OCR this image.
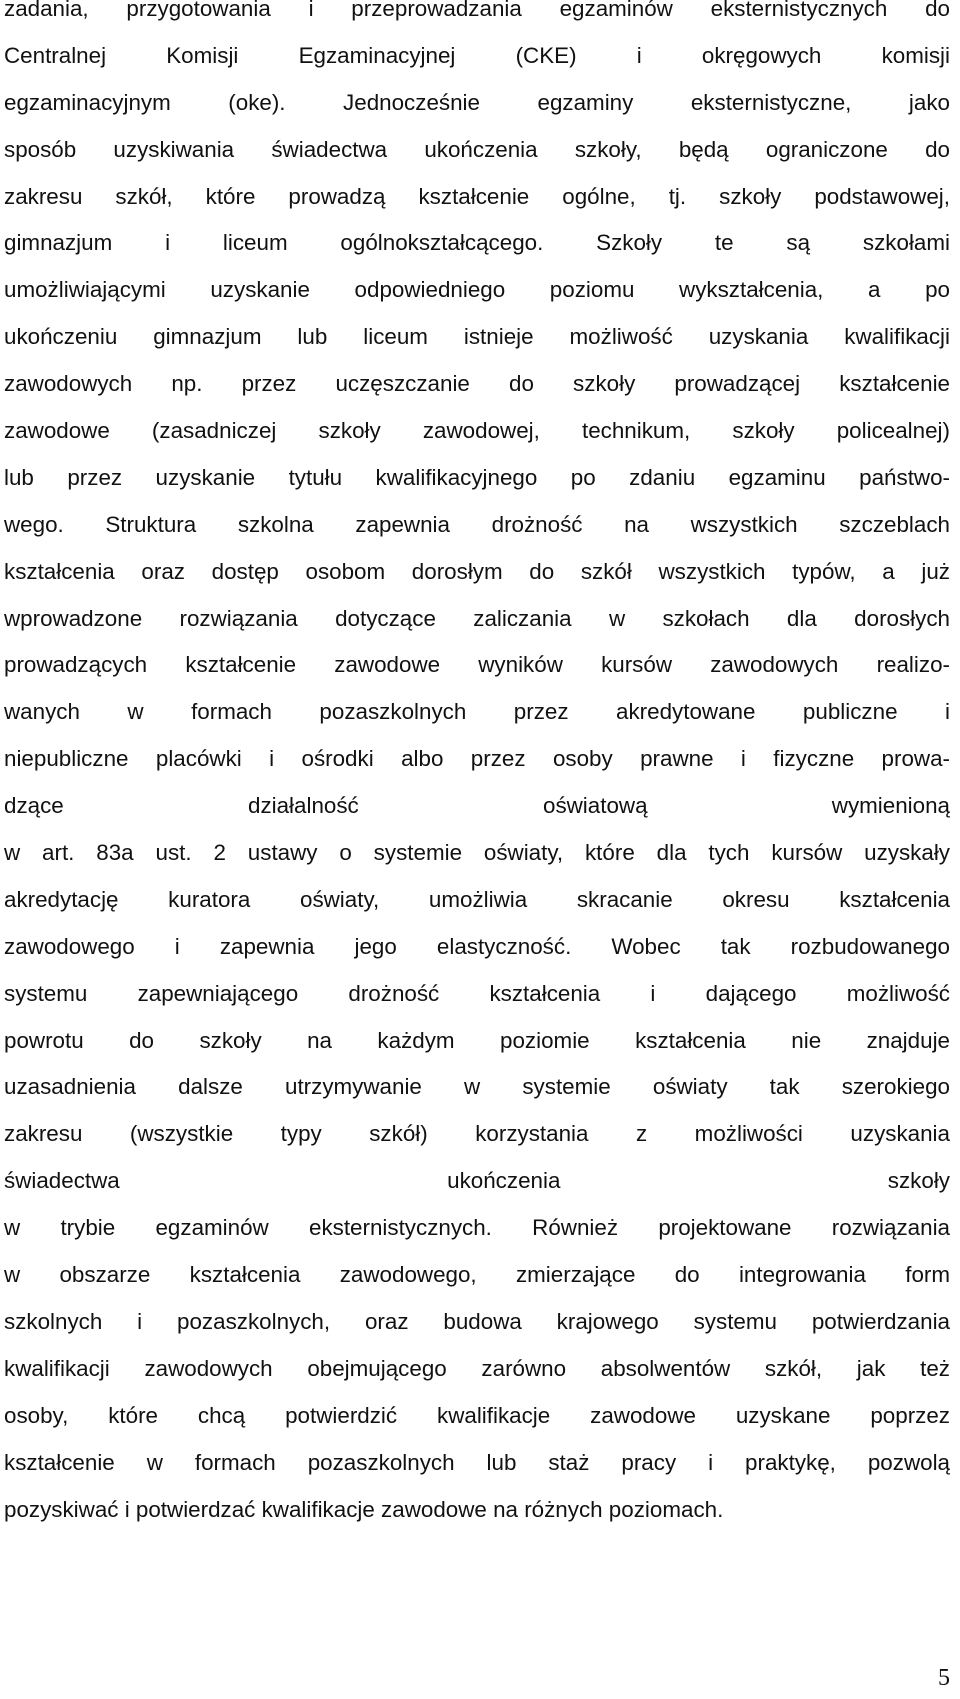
zadania, przygotowania i przeprowadzania egzaminów eksternistycznych do
Centralnej Komisji Egzaminacyjnej (CKE) i okręgowych komisji
egzaminacyjnym (oke). Jednocześnie egzaminy eksternistyczne, jako
sposób uzyskiwania świadectwa ukończenia szkoły, będą ograniczone do
zakresu szkół, które prowadzą kształcenie ogólne, tj. szkoły podstawowej,
gimnazjum i liceum ogólnokształcącego. Szkoły te są szkołami
umożliwiającymi uzyskanie odpowiedniego poziomu wykształcenia, a po
ukończeniu gimnazjum lub liceum istnieje możliwość uzyskania kwalifikacji
zawodowych np. przez uczęszczanie do szkoły prowadzącej kształcenie
zawodowe (zasadniczej szkoły zawodowej, technikum, szkoły policealnej)
lub przez uzyskanie tytułu kwalifikacyjnego po zdaniu egzaminu państwo-
wego. Struktura szkolna zapewnia drożność na wszystkich szczeblach
kształcenia oraz dostęp osobom dorosłym do szkół wszystkich typów, a już
wprowadzone rozwiązania dotyczące zaliczania w szkołach dla dorosłych
prowadzących kształcenie zawodowe wyników kursów zawodowych realizo-
wanych w formach pozaszkolnych przez akredytowane publiczne i
niepubliczne placówki i ośrodki albo przez osoby prawne i fizyczne prowa-
dzące działalność oświatową wymienioną
w art. 83a ust. 2 ustawy o systemie oświaty, które dla tych kursów uzyskały
akredytację kuratora oświaty, umożliwia skracanie okresu kształcenia
zawodowego i zapewnia jego elastyczność. Wobec tak rozbudowanego
systemu zapewniającego drożność kształcenia i dającego możliwość
powrotu do szkoły na każdym poziomie kształcenia nie znajduje
uzasadnienia dalsze utrzymywanie w systemie oświaty tak szerokiego
zakresu (wszystkie typy szkół) korzystania z możliwości uzyskania
świadectwa ukończenia szkoły
w trybie egzaminów eksternistycznych. Również projektowane rozwiązania
w obszarze kształcenia zawodowego, zmierzające do integrowania form
szkolnych i pozaszkolnych, oraz budowa krajowego systemu potwierdzania
kwalifikacji zawodowych obejmującego zarówno absolwentów szkół, jak też
osoby, które chcą potwierdzić kwalifikacje zawodowe uzyskane poprzez
kształcenie w formach pozaszkolnych lub staż pracy i praktykę, pozwolą
pozyskiwać i potwierdzać kwalifikacje zawodowe na różnych poziomach.
5
